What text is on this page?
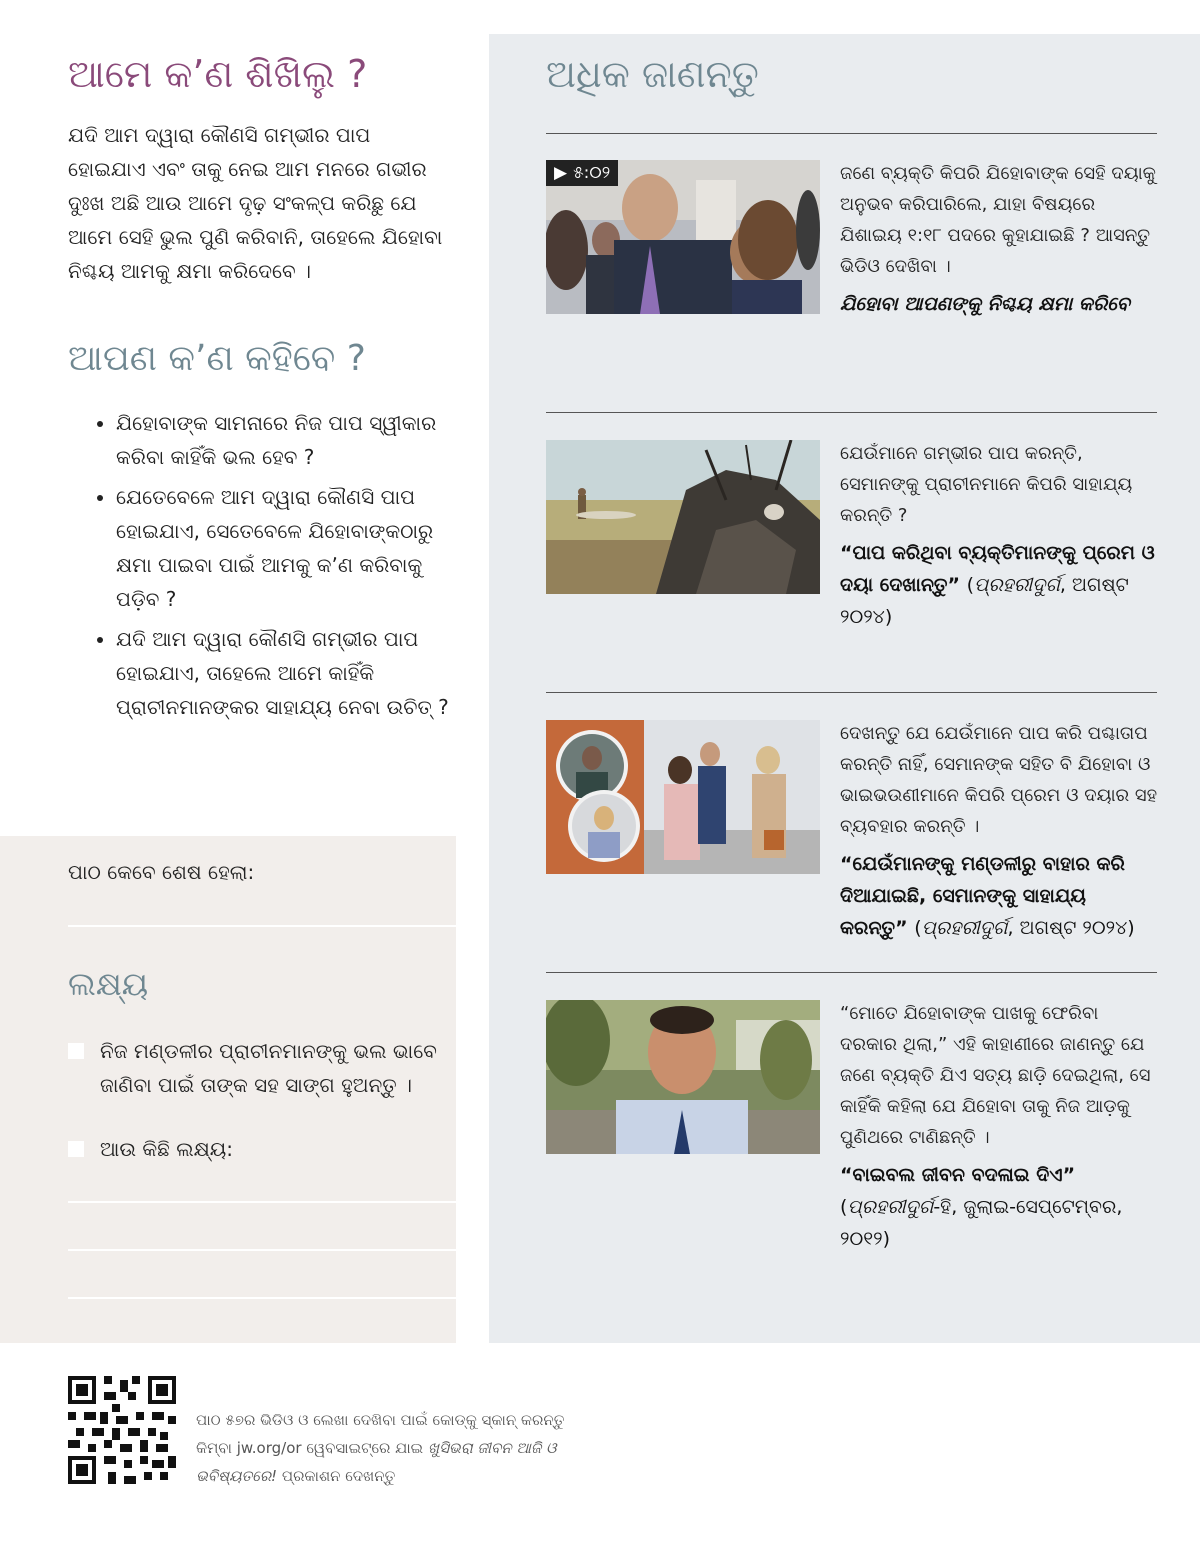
ଆମେ କʼଣ ଶିଖିଲୁ ?

ଯଦି ଆମ ଦ୍ୱାରା କୌଣସି ଗମ୍ଭୀର ପାପ ହୋଇଯାଏ ଏବଂ ତାକୁ ନେଇ ଆମ ମନରେ ଗଭୀର ଦୁଃଖ ଅଛି ଆଉ ଆମେ ଦୃଢ଼ ସଂକଳ୍ପ କରିଛୁ ଯେ ଆମେ ସେହି ଭୁଲ ପୁଣି କରିବାନି, ତାହେଲେ ଯିହୋବା ନିଶ୍ଚୟ ଆମକୁ କ୍ଷମା କରିଦେବେ ।

ଆପଣ କʼଣ କହିବେ ?
• ଯିହୋବାଙ୍କ ସାମନାରେ ନିଜ ପାପ ସ୍ୱୀକାର କରିବା କାହିଁକି ଭଲ ହେବ ?
• ଯେତେବେଳେ ଆମ ଦ୍ୱାରା କୌଣସି ପାପ ହୋଇଯାଏ, ସେତେବେଳେ ଯିହୋବାଙ୍କଠାରୁ କ୍ଷମା ପାଇବା ପାଇଁ ଆମକୁ କʼଣ କରିବାକୁ ପଡ଼ିବ ?
• ଯଦି ଆମ ଦ୍ୱାରା କୌଣସି ଗମ୍ଭୀର ପାପ ହୋଇଯାଏ, ତାହେଲେ ଆମେ କାହିଁକି ପ୍ରାଚୀନମାନଙ୍କର ସାହାଯ୍ୟ ନେବା ଉଚିତ୍‌ ?

ପାଠ କେବେ ଶେଷ ହେଲା:

ଲକ୍ଷ୍ୟ
ନିଜ ମଣ୍ଡଳୀର ପ୍ରାଚୀନମାନଙ୍କୁ ଭଲ ଭାବେ ଜାଣିବା ପାଇଁ ତାଙ୍କ ସହ ସାଙ୍ଗ ହୁଅନ୍ତୁ ।
ଆଉ କିଛି ଲକ୍ଷ୍ୟ:
ଅଧିକ ଜାଣନ୍ତୁ
▶ ୫:୦୨	ଜଣେ ବ୍ୟକ୍ତି କିପରି ଯିହୋବାଙ୍କ ସେହି ଦୟାକୁ ଅନୁଭବ କରିପାରିଲେ, ଯାହା ବିଷୟରେ ଯିଶାଇୟ ୧:୧୮ ପଦରେ କୁହାଯାଇଛି ? ଆସନ୍ତୁ ଭିଡିଓ ଦେଖିବା ।
ଯିହୋବା ଆପଣଙ୍କୁ ନିଶ୍ଚୟ କ୍ଷମା କରିବେ
ଯେଉଁମାନେ ଗମ୍ଭୀର ପାପ କରନ୍ତି, ସେମାନଙ୍କୁ ପ୍ରାଚୀନମାନେ କିପରି ସାହାଯ୍ୟ କରନ୍ତି ?
“ପାପ କରିଥିବା ବ୍ୟକ୍ତିମାନଙ୍କୁ ପ୍ରେମ ଓ ଦୟା ଦେଖାନ୍ତୁ” (ପ୍ରହରୀଦୁର୍ଗ, ଅଗଷ୍ଟ ୨୦୨୪)
ଦେଖନ୍ତୁ ଯେ ଯେଉଁମାନେ ପାପ କରି ପଶ୍ଚାତାପ କରନ୍ତି ନାହିଁ, ସେମାନଙ୍କ ସହିତ ବି ଯିହୋବା ଓ ଭାଇଭଉଣୀମାନେ କିପରି ପ୍ରେମ ଓ ଦୟାର ସହ ବ୍ୟବହାର କରନ୍ତି ।
“ଯେଉଁମାନଙ୍କୁ ମଣ୍ଡଳୀରୁ ବାହାର କରି ଦିଆଯାଇଛି, ସେମାନଙ୍କୁ ସାହାଯ୍ୟ କରନ୍ତୁ” (ପ୍ରହରୀଦୁର୍ଗ, ଅଗଷ୍ଟ ୨୦୨୪)
“ମୋତେ ଯିହୋବାଙ୍କ ପାଖକୁ ଫେରିବା ଦରକାର ଥିଲା,” ଏହି କାହାଣୀରେ ଜାଣନ୍ତୁ ଯେ ଜଣେ ବ୍ୟକ୍ତି ଯିଏ ସତ୍ୟ ଛାଡ଼ି ଦେଇଥିଲା, ସେ କାହିଁକି କହିଲା ଯେ ଯିହୋବା ତାକୁ ନିଜ ଆଡ଼କୁ ପୁଣିଥରେ ଟାଣିଛନ୍ତି ।
“ବାଇବଲ ଜୀବନ ବଦଳାଇ ଦିଏ” (ପ୍ରହରୀଦୁର୍ଗ-ହି, ଜୁଲାଇ-ସେପ୍ଟେମ୍ବର, ୨୦୧୨)

ପାଠ ୫୭ର ଭିଡିଓ ଓ ଲେଖା ଦେଖିବା ପାଇଁ କୋଡ୍‌କୁ ସ୍କାନ୍‌ କରନ୍ତୁ କିମ୍ବା jw.org/or ୱେବସାଇଟ୍‌ରେ ଯାଇ ଖୁସିଭରା ଜୀବନ ଆଜି ଓ ଭବିଷ୍ୟତରେ! ପ୍ରକାଶନ ଦେଖନ୍ତୁ
